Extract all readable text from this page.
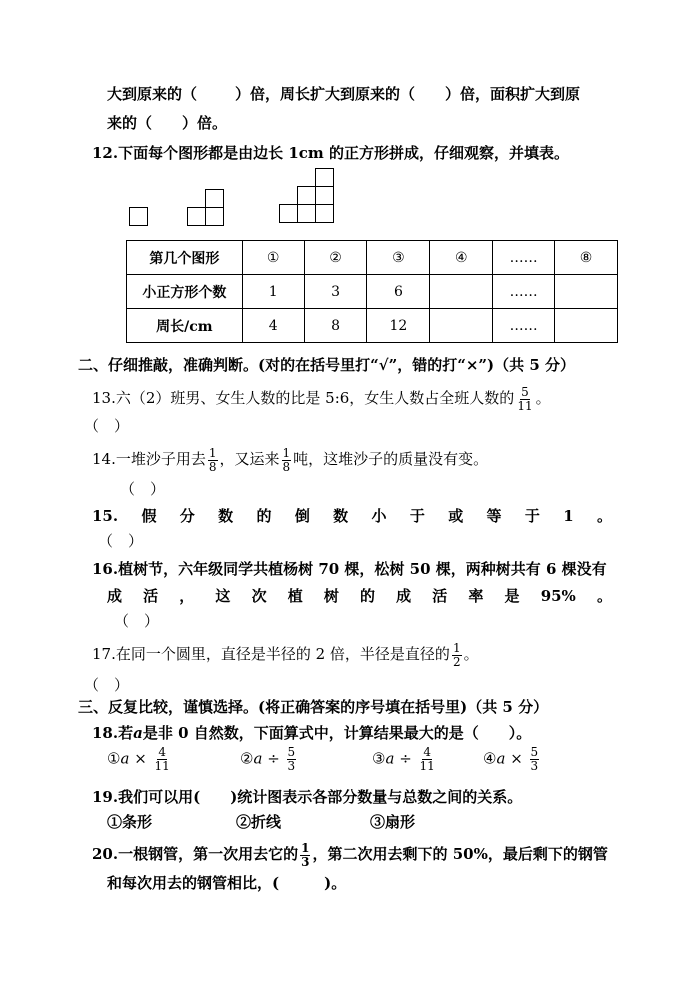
大到原来的（	）倍，周长扩大到原来的（ ）倍，面积扩大到原
来的（　　）倍。
12.下面每个图形都是由边长 1cm 的正方形拼成，仔细观察，并填表。
第几个图形	①	②	③	④	……	⑧
小正方形个数	1	3	6		……	
周长/cm	4	8	12		……	
二、仔细推敲，准确判断。(对的在括号里打“√”，错的打“×”)（共 5 分）
13.六（2）班男、女生人数的比是 5:6，女生人数占全班人数的 $\frac{5}{11}$ 。
（　）
14.一堆沙子用去 $\frac{1}{8}$ ，又运来 $\frac{1}{8}$ 吨，这堆沙子的质量没有变。
（　）
15. 假 分 数 的 倒 数 小 于 或 等 于 1 。
（　）
16.植树节，六年级同学共植杨树 70 棵，松树 50 棵，两种树共有 6 棵没有
成 活 ， 这 次 植 树 的 成 活 率 是 95% 。
（　）
17.在同一个圆里，直径是半径的 2 倍，半径是直径的 $\frac{1}{2}$ 。
（　）
三、反复比较，谨慎选择。(将正确答案的序号填在括号里)（共 5 分）
18.若a是非 0 自然数，下面算式中，计算结果最大的是（　　）。
①a × $\frac{4}{11}$	②a ÷ $\frac{5}{3}$	③a ÷ $\frac{4}{11}$	④a × $\frac{5}{3}$
19.我们可以用(　　)统计图表示各部分数量与总数之间的关系。
①条形	②折线	③扇形
20.一根钢管，第一次用去它的 $\frac{1}{3}$ ，第二次用去剩下的 50%，最后剩下的钢管
和每次用去的钢管相比，(　　　)。
